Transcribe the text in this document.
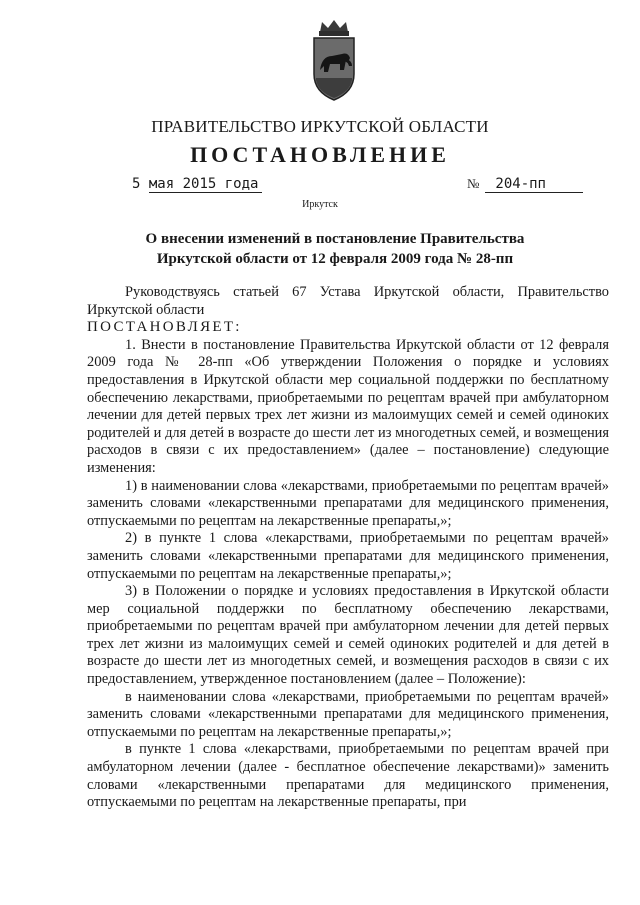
ПРАВИТЕЛЬСТВО ИРКУТСКОЙ ОБЛАСТИ
ПОСТАНОВЛЕНИЕ
5 мая 2015 года	№ 204-пп
Иркутск
О внесении изменений в постановление Правительства Иркутской области от 12 февраля 2009 года № 28-пп

Руководствуясь статьей 67 Устава Иркутской области, Правительство Иркутской области

ПОСТАНОВЛЯЕТ:

1. Внести в постановление Правительства Иркутской области от 12 февраля 2009 года № 28-пп «Об утверждении Положения о порядке и условиях предоставления в Иркутской области мер социальной поддержки по бесплатному обеспечению лекарствами, приобретаемыми по рецептам врачей при амбулаторном лечении для детей первых трех лет жизни из малоимущих семей и семей одиноких родителей и для детей в возрасте до шести лет из многодетных семей, и возмещения расходов в связи с их предоставлением» (далее – постановление) следующие изменения:

1) в наименовании слова «лекарствами, приобретаемыми по рецептам врачей» заменить словами «лекарственными препаратами для медицинского применения, отпускаемыми по рецептам на лекарственные препараты,»;

2) в пункте 1 слова «лекарствами, приобретаемыми по рецептам врачей» заменить словами «лекарственными препаратами для медицинского применения, отпускаемыми по рецептам на лекарственные препараты,»;

3) в Положении о порядке и условиях предоставления в Иркутской области мер социальной поддержки по бесплатному обеспечению лекарствами, приобретаемыми по рецептам врачей при амбулаторном лечении для детей первых трех лет жизни из малоимущих семей и семей одиноких родителей и для детей в возрасте до шести лет из многодетных семей, и возмещения расходов в связи с их предоставлением, утвержденное постановлением (далее – Положение):

в наименовании слова «лекарствами, приобретаемыми по рецептам врачей» заменить словами «лекарственными препаратами для медицинского применения, отпускаемыми по рецептам на лекарственные препараты,»;

в пункте 1 слова «лекарствами, приобретаемыми по рецептам врачей при амбулаторном лечении (далее - бесплатное обеспечение лекарствами)» заменить словами «лекарственными препаратами для медицинского применения, отпускаемыми по рецептам на лекарственные препараты, при
